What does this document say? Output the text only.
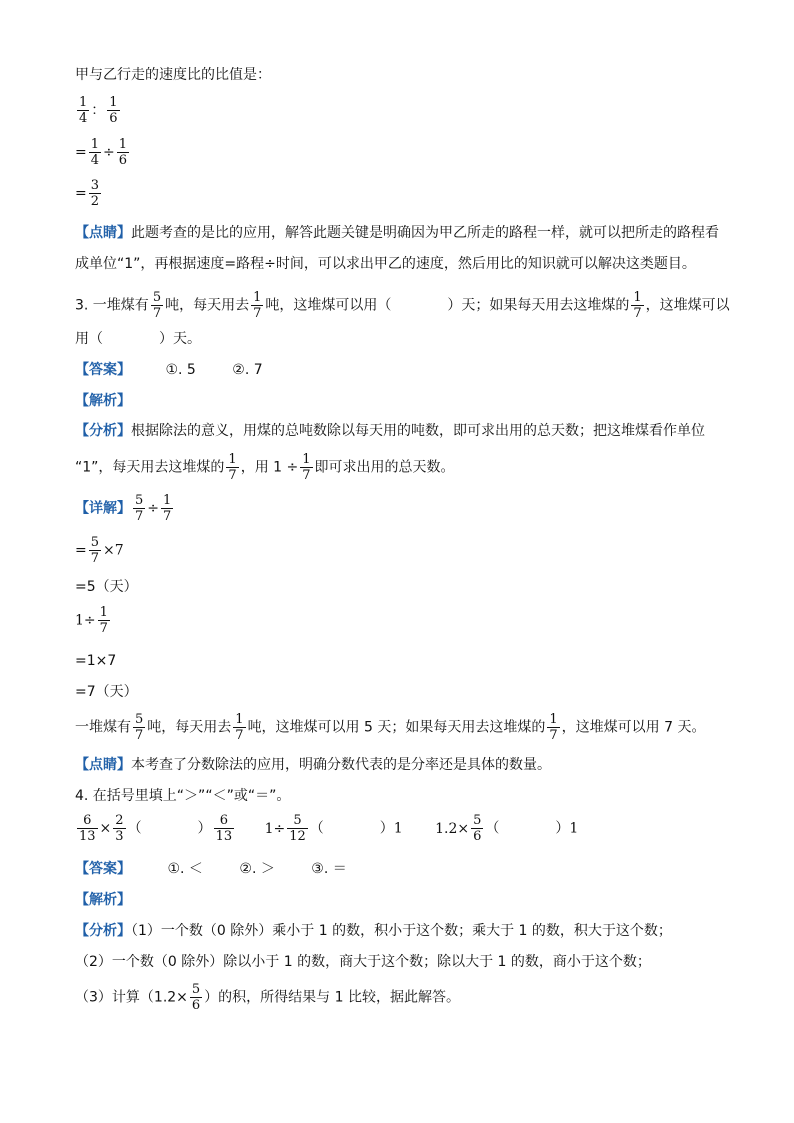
甲与乙行走的速度比的比值是：
$\frac{1}{4}$ ： $\frac{1}{6}$
= $\frac{1}{4} \div \frac{1}{6}$
= $\frac{3}{2}$
【点睛】此题考查的是比的应用，解答此题关键是明确因为甲乙所走的路程一样，就可以把所走的路程看
成单位“1”，再根据速度=路程÷时间，可以求出甲乙的速度，然后用比的知识就可以解决这类题目。
3. 一堆煤有 $\frac{5}{7}$ 吨，每天用去 $\frac{1}{7}$ 吨，这堆煤可以用（　　　　）天；如果每天用去这堆煤的 $\frac{1}{7}$ ，这堆煤可以
用（　　　　）天。
【答案】 ①. 5	②. 7
【解析】
【分析】根据除法的意义，用煤的总吨数除以每天用的吨数，即可求出用的总天数；把这堆煤看作单位
“1”，每天用去这堆煤的 $\frac{1}{7}$ ，用 $1 \div \frac{1}{7}$ 即可求出用的总天数。
【详解】 $\frac{5}{7} \div \frac{1}{7}$
= $\frac{5}{7} \times 7$
=5（天）
$1\div \frac{1}{7}$
=1×7
=7（天）
一堆煤有 $\frac{5}{7}$ 吨，每天用去 $\frac{1}{7}$ 吨，这堆煤可以用 5 天；如果每天用去这堆煤的 $\frac{1}{7}$ ，这堆煤可以用 7 天。
【点睛】本考查了分数除法的应用，明确分数代表的是分率还是具体的数量。
4. 在括号里填上“＞”“＜”或“＝”。
$\frac{6}{13} \times \frac{2}{3}$ （　　　　） $\frac{6}{13} 1\div \frac{5}{12}$ （　　　　）1 $1.2\times \frac{5}{6}$ （　　　　）1
【答案】	①. ＜	②. ＞	③. ＝
【解析】
【分析】（1）一个数（0 除外）乘小于 1 的数，积小于这个数；乘大于 1 的数，积大于这个数；
（2）一个数（0 除外）除以小于 1 的数，商大于这个数；除以大于 1 的数，商小于这个数；
（3）计算（$1.2\times \frac{5}{6}$ ）的积，所得结果与 1 比较，据此解答。
